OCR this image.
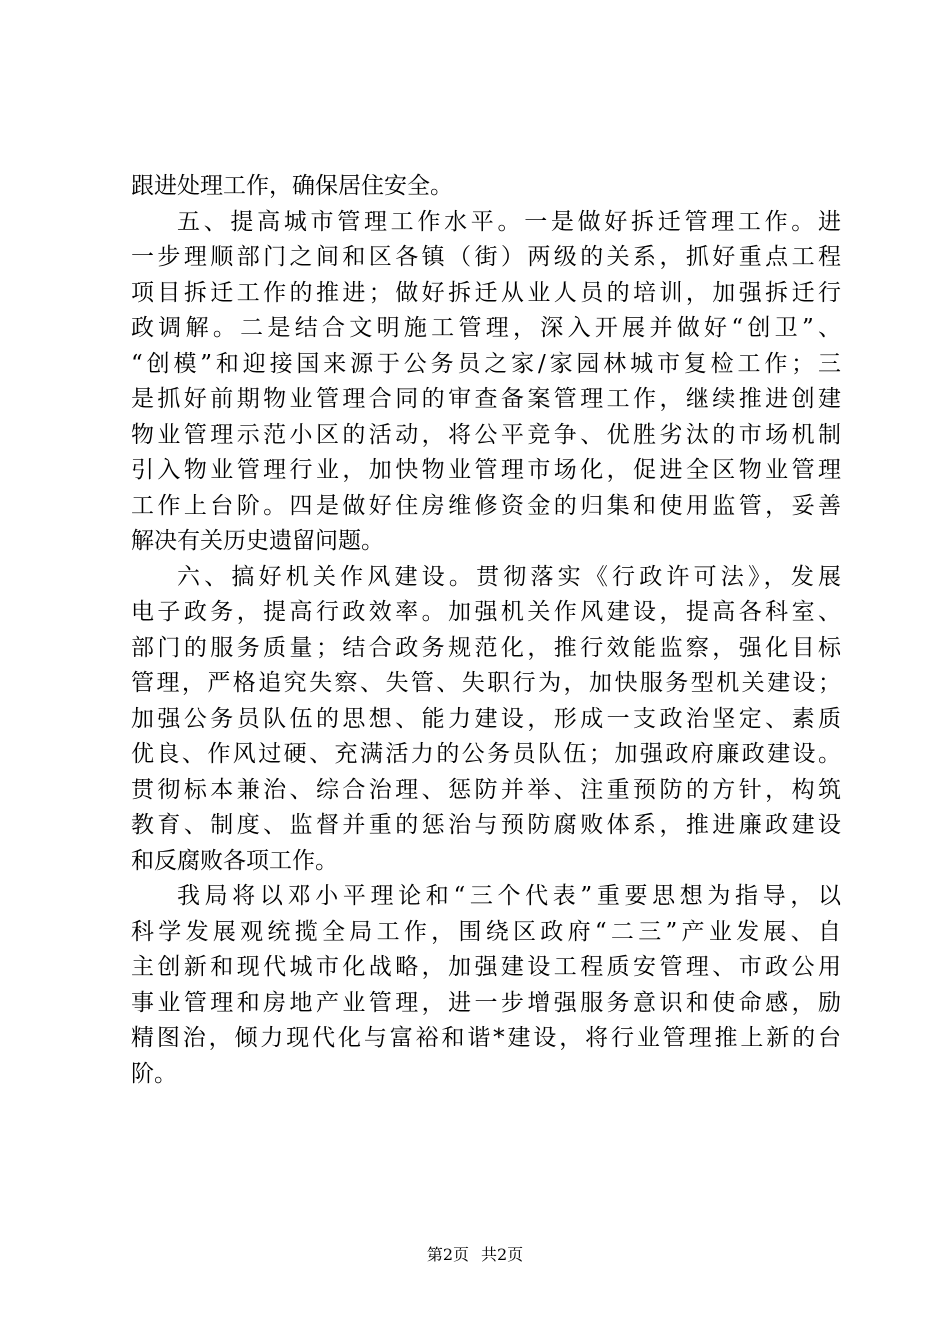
跟进处理工作，确保居住安全。
五、提高城市管理工作水平。一是做好拆迁管理工作。进
一步理顺部门之间和区各镇（街）两级的关系，抓好重点工程
项目拆迁工作的推进；做好拆迁从业人员的培训，加强拆迁行
政调解。二是结合文明施工管理，深入开展并做好“创卫”、
“创模”和迎接国来源于公务员之家/家园林城市复检工作；三
是抓好前期物业管理合同的审查备案管理工作，继续推进创建
物业管理示范小区的活动，将公平竞争、优胜劣汰的市场机制
引入物业管理行业，加快物业管理市场化，促进全区物业管理
工作上台阶。四是做好住房维修资金的归集和使用监管，妥善
解决有关历史遗留问题。
六、搞好机关作风建设。贯彻落实《行政许可法》，发展
电子政务，提高行政效率。加强机关作风建设，提高各科室、
部门的服务质量；结合政务规范化，推行效能监察，强化目标
管理，严格追究失察、失管、失职行为，加快服务型机关建设；
加强公务员队伍的思想、能力建设，形成一支政治坚定、素质
优良、作风过硬、充满活力的公务员队伍；加强政府廉政建设。
贯彻标本兼治、综合治理、惩防并举、注重预防的方针，构筑
教育、制度、监督并重的惩治与预防腐败体系，推进廉政建设
和反腐败各项工作。
我局将以邓小平理论和“三个代表”重要思想为指导，以
科学发展观统揽全局工作，围绕区政府“二三”产业发展、自
主创新和现代城市化战略，加强建设工程质安管理、市政公用
事业管理和房地产业管理，进一步增强服务意识和使命感，励
精图治，倾力现代化与富裕和谐*建设，将行业管理推上新的台
阶。
第2页 共2页
